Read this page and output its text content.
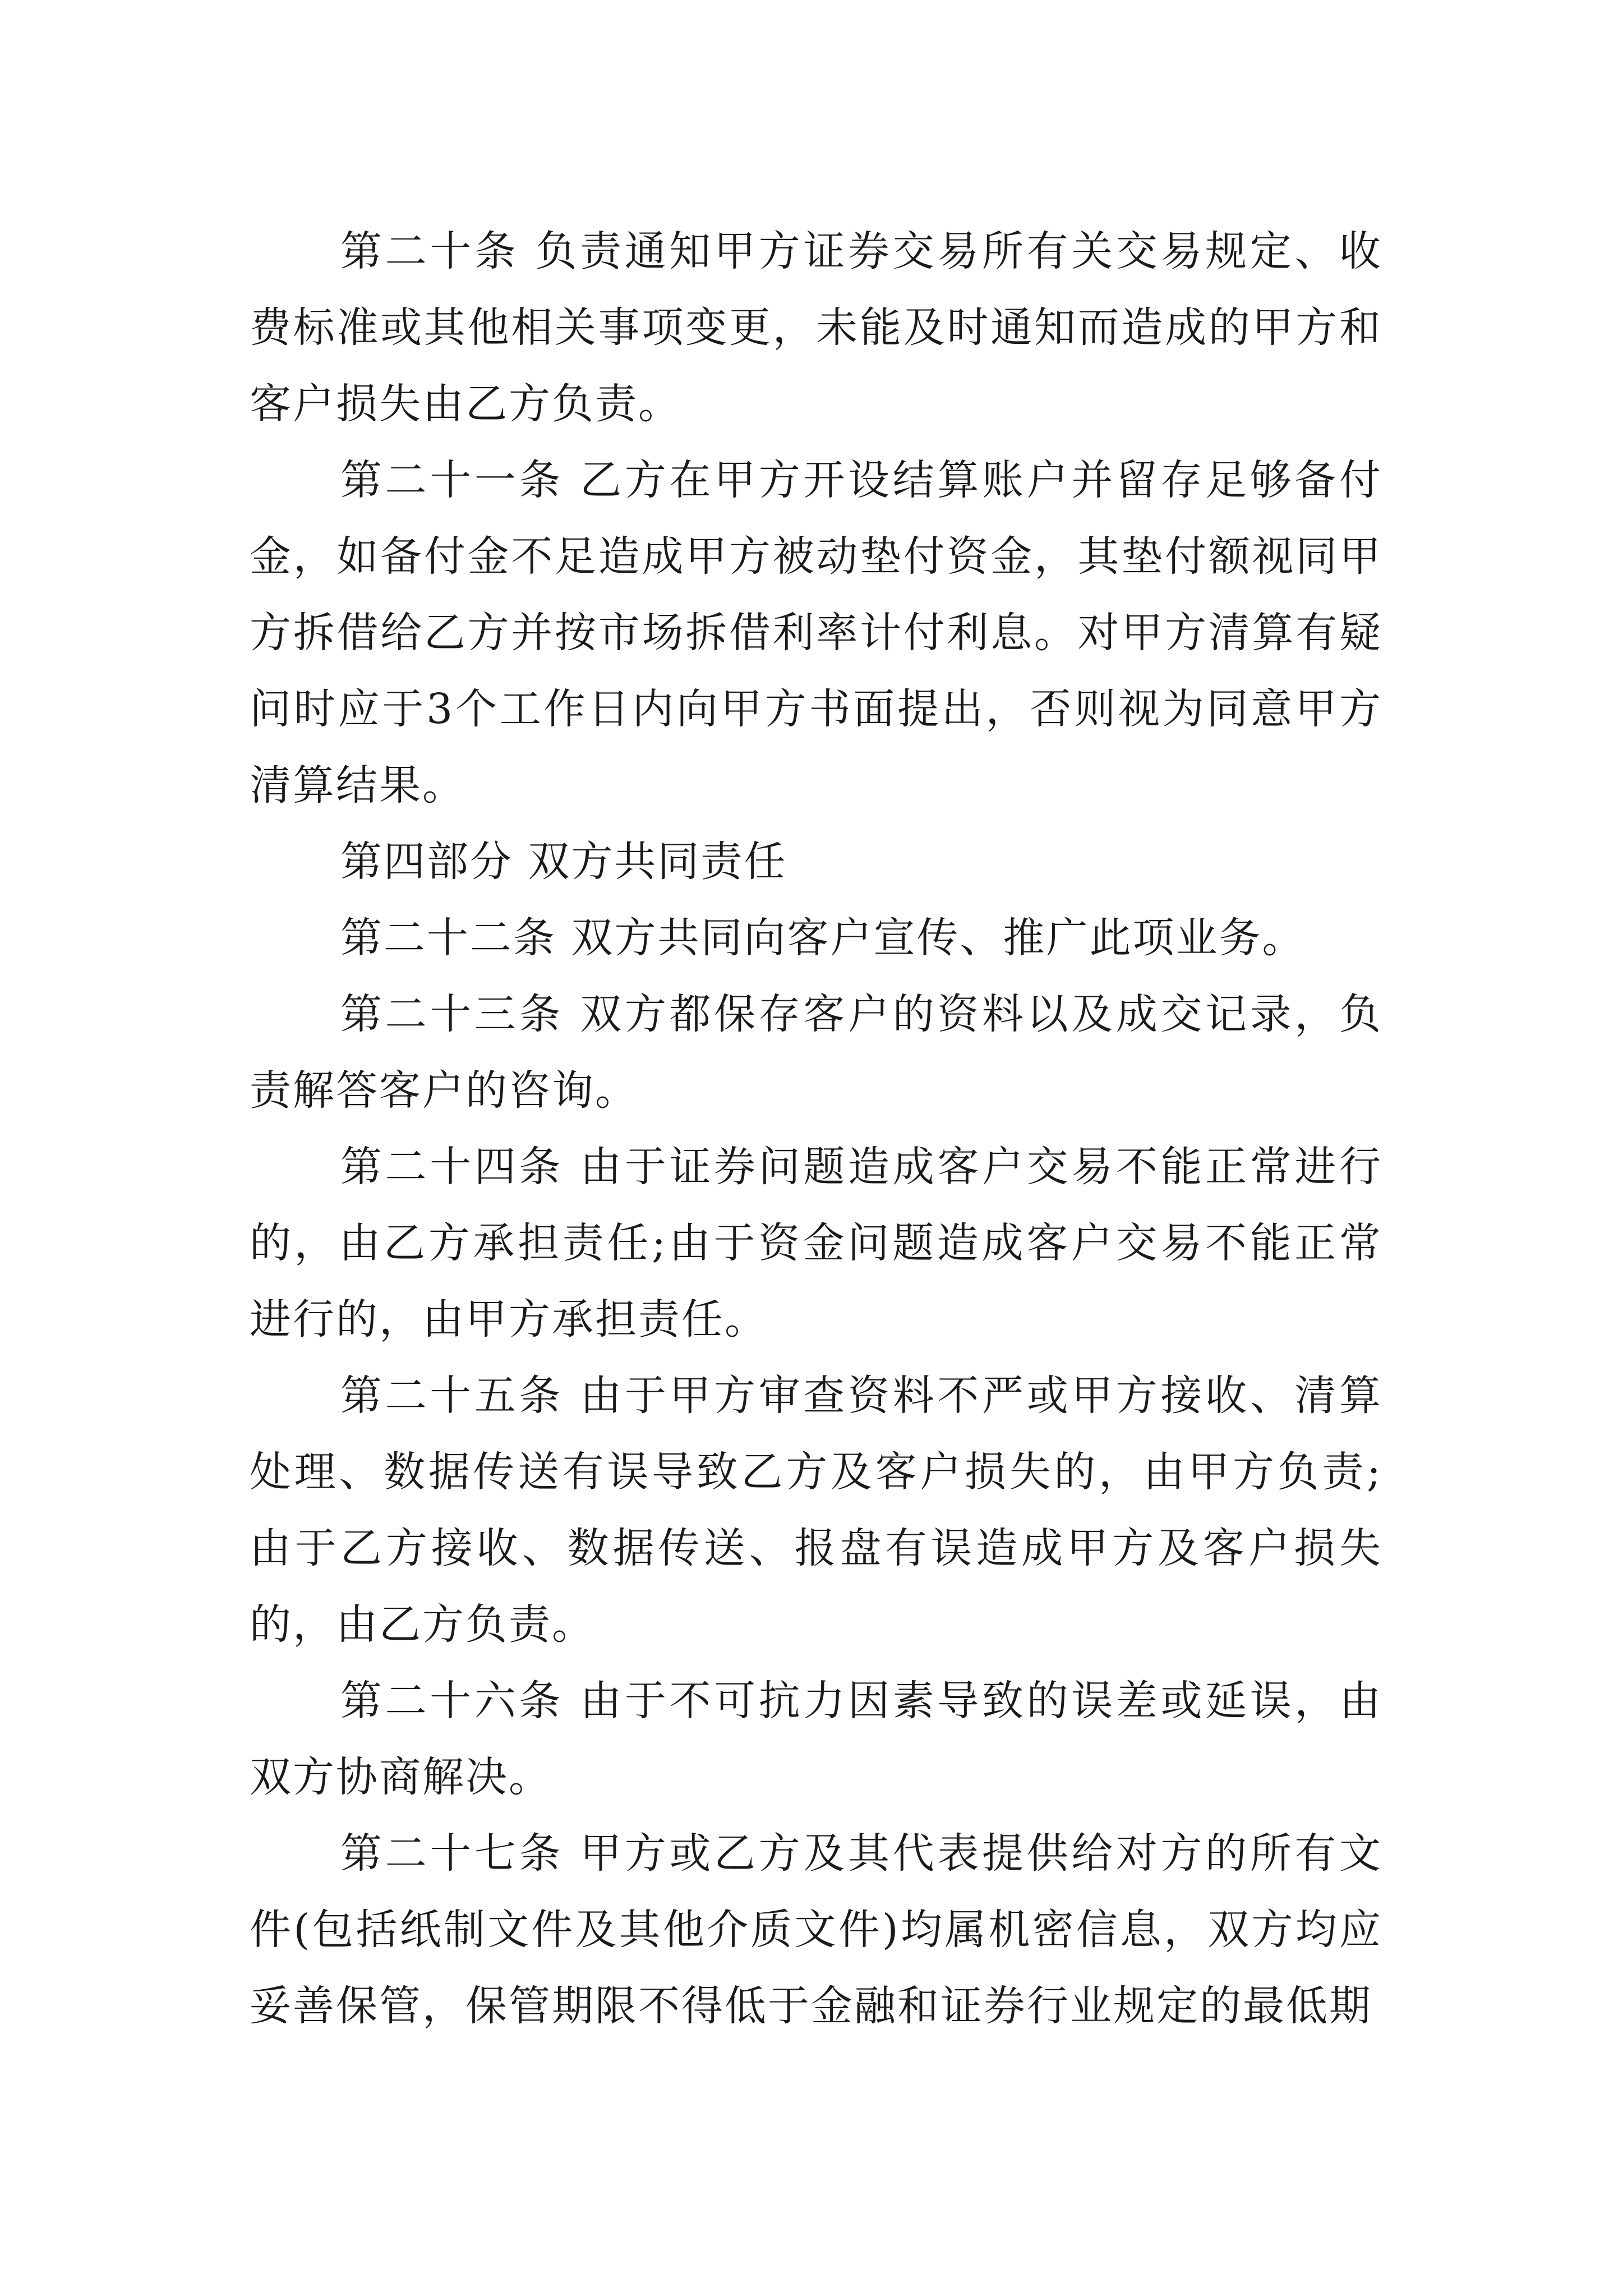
第二十条 负责通知甲方证券交易所有关交易规定、收费标准或其他相关事项变更，未能及时通知而造成的甲方和客户损失由乙方负责。

第二十一条 乙方在甲方开设结算账户并留存足够备付金，如备付金不足造成甲方被动垫付资金，其垫付额视同甲方拆借给乙方并按市场拆借利率计付利息。对甲方清算有疑问时应于3个工作日内向甲方书面提出，否则视为同意甲方清算结果。

第四部分 双方共同责任

第二十二条 双方共同向客户宣传、推广此项业务。

第二十三条 双方都保存客户的资料以及成交记录，负责解答客户的咨询。

第二十四条 由于证券问题造成客户交易不能正常进行的，由乙方承担责任;由于资金问题造成客户交易不能正常进行的，由甲方承担责任。

第二十五条 由于甲方审查资料不严或甲方接收、清算处理、数据传送有误导致乙方及客户损失的，由甲方负责;由于乙方接收、数据传送、报盘有误造成甲方及客户损失的，由乙方负责。

第二十六条 由于不可抗力因素导致的误差或延误，由双方协商解决。

第二十七条 甲方或乙方及其代表提供给对方的所有文件(包括纸制文件及其他介质文件)均属机密信息，双方均应妥善保管，保管期限不得低于金融和证券行业规定的最低期
